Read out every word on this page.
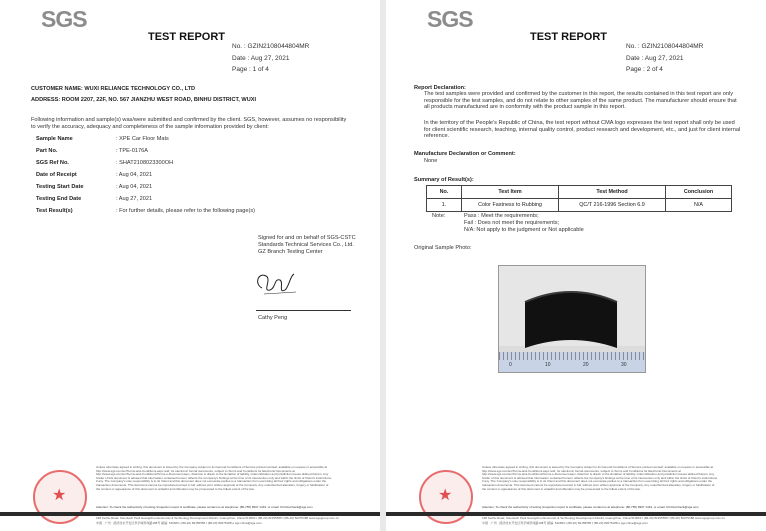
SGS
TEST REPORT
No. : GZIN2108044804MR
Date : Aug 27, 2021
Page : 1 of 4
CUSTOMER NAME: WUXI RELIANCE TECHNOLOGY CO., LTD
ADDRESS: ROOM 2207, 22F, NO. 567 JIANZHU WEST ROAD, BINHU DISTRICT, WUXI
Following information and sample(s) was/were submitted and confirmed by the client. SGS, however, assumes no responsibility to verify the accuracy, adequacy and completeness of the sample information provided by client:
Sample Name	: XPE Car Floor Mats
Part No.	: TPE-0176A
SGS Ref No.	: SHAT2108023300OH
Date of Receipt	: Aug 04, 2021
Testing Start Date	: Aug 04, 2021
Testing End Date	: Aug 27, 2021
Test Result(s)	: For further details, please refer to the following page(s)
Signed for and on behalf of SGS-CSTC Standards Technical Services Co., Ltd. GZ Branch Testing Center
Cathy Peng
★
Unless otherwise agreed in writing, this document is issued by the Company subject to its General Conditions of Service printed overleaf, available on request or accessible at http://www.sgs.com/en/Terms-and-Conditions.aspx and, for electronic format documents, subject to Terms and Conditions for Electronic Documents at http://www.sgs.com/en/Terms-and-Conditions/Terms-e-Document.aspx. Attention is drawn to the limitation of liability, indemnification and jurisdiction issues defined therein. Any holder of this document is advised that information contained hereon reflects the Company's findings at the time of its intervention only and within the limits of Client's instructions, if any. The Company's sole responsibility is to its Client and this document does not exonerate parties to a transaction from exercising all their rights and obligations under the transaction documents. This document cannot be reproduced except in full, without prior written approval of the Company. Any unauthorized alteration, forgery or falsification of the content or appearance of this document is unlawful and offenders may be prosecuted to the fullest extent of the law.
Attention: To check the authenticity of testing /inspection report & certificate, please contact us at telephone: (86-755) 8307 1443, or email: CN.Doccheck@sgs.com
198 Kezhu Road, Scientech Park Guangzhou Economic & Technology Development District, Guangzhou, China 510663 t (86-20) 82155555 f (86-20) 82075188 www.sgsgroup.com.cn
中国 · 广州 · 经济技术开发区科学城科珠路198号 邮编: 510663 t (86-20) 82155555 f (86-20) 82075188 e sgs.china@sgs.com
SGS
TEST REPORT
No. : GZIN2108044804MR
Date : Aug 27, 2021
Page : 2 of 4
Report Declaration:
The test samples were provided and confirmed by the customer in this report, the results contained in this test report are only responsible for the test samples, and do not relate to other samples of the same product. The manufacturer should ensure that all products manufactured are in conformity with the product sample in this report.
In the territory of the People's Republic of China, the test report without CMA logo expresses the test report shall only be used for client scientific research, teaching, internal quality control, product research and development, etc., and just for client internal reference.
Manufacture Declaration or Comment:
None
Summary of Result(s):
No.	Test Item	Test Method	Conclusion
1.	Color Fastness to Rubbing	QC/T 216-1996 Section 6.9	N/A
Note:	Pass : Meet the requirements;
Fail : Does not meet the requirements;
N/A: Not apply to the judgment or Not applicable
Original Sample Photo:
0	10	20	30
★
Unless otherwise agreed in writing, this document is issued by the Company subject to its General Conditions of Service printed overleaf, available on request or accessible at http://www.sgs.com/en/Terms-and-Conditions.aspx and, for electronic format documents, subject to Terms and Conditions for Electronic Documents at http://www.sgs.com/en/Terms-and-Conditions/Terms-e-Document.aspx. Attention is drawn to the limitation of liability, indemnification and jurisdiction issues defined therein. Any holder of this document is advised that information contained hereon reflects the Company's findings at the time of its intervention only and within the limits of Client's instructions, if any. The Company's sole responsibility is to its Client and this document does not exonerate parties to a transaction from exercising all their rights and obligations under the transaction documents. This document cannot be reproduced except in full, without prior written approval of the Company. Any unauthorized alteration, forgery or falsification of the content or appearance of this document is unlawful and offenders may be prosecuted to the fullest extent of the law.
Attention: To check the authenticity of testing /inspection report & certificate, please contact us at telephone: (86-755) 8307 1443, or email: CN.Doccheck@sgs.com
198 Kezhu Road, Scientech Park Guangzhou Economic & Technology Development District, Guangzhou, China 510663 t (86-20) 82155555 f (86-20) 82075188 www.sgsgroup.com.cn
中国 · 广州 · 经济技术开发区科学城科珠路198号 邮编: 510663 t (86-20) 82155555 f (86-20) 82075188 e sgs.china@sgs.com
